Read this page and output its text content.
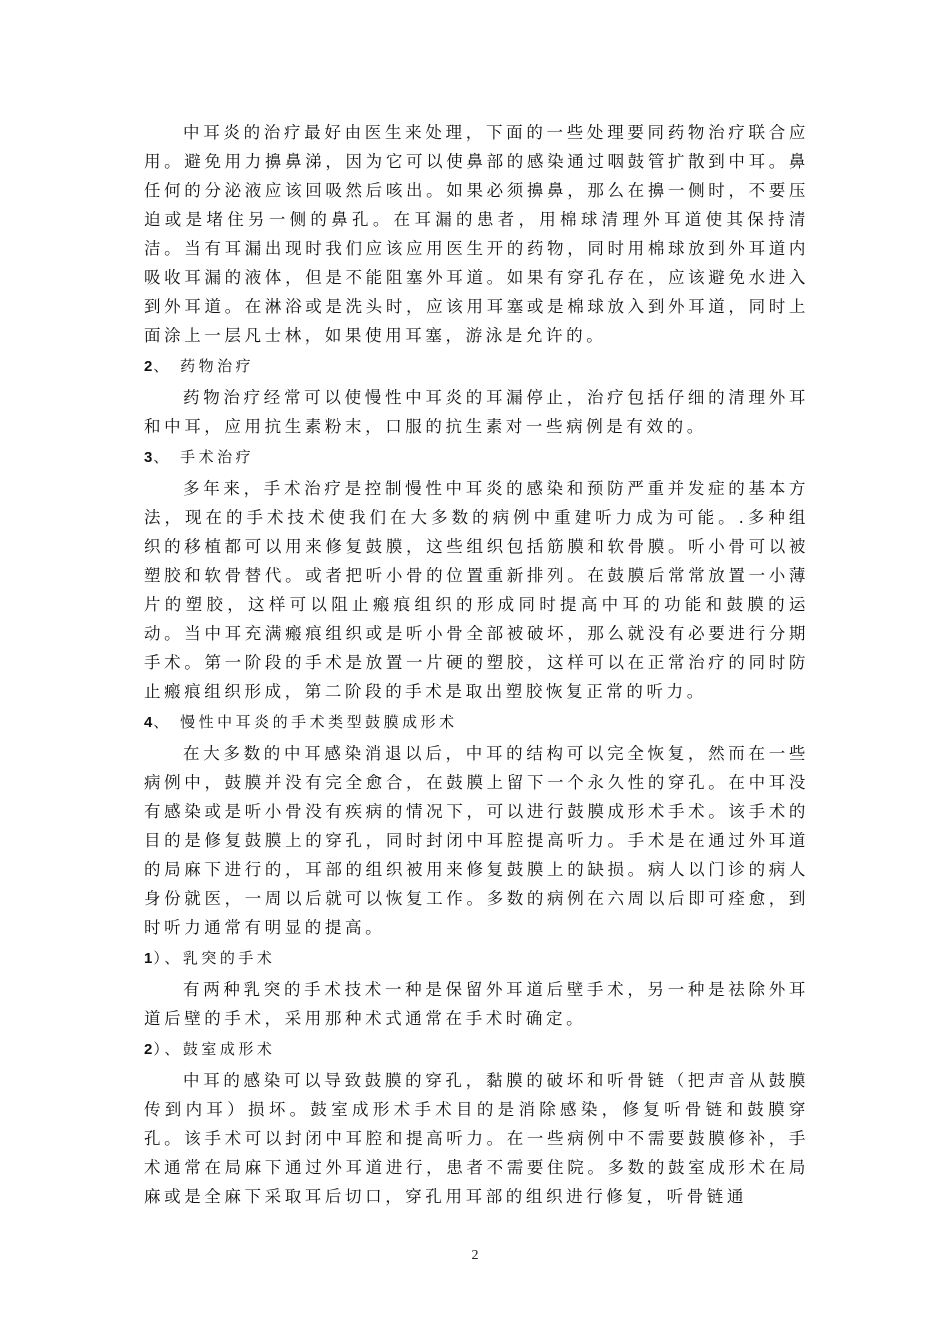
中耳炎的治疗最好由医生来处理，下面的一些处理要同药物治疗联合应用。避免用力擤鼻涕，因为它可以使鼻部的感染通过咽鼓管扩散到中耳。鼻任何的分泌液应该回吸然后咳出。如果必须擤鼻，那么在擤一侧时，不要压迫或是堵住另一侧的鼻孔。在耳漏的患者，用棉球清理外耳道使其保持清洁。当有耳漏出现时我们应该应用医生开的药物，同时用棉球放到外耳道内吸收耳漏的液体，但是不能阻塞外耳道。如果有穿孔存在，应该避免水进入到外耳道。在淋浴或是洗头时，应该用耳塞或是棉球放入到外耳道，同时上面涂上一层凡士林，如果使用耳塞，游泳是允许的。

2、 药物治疗

药物治疗经常可以使慢性中耳炎的耳漏停止，治疗包括仔细的清理外耳和中耳，应用抗生素粉末，口服的抗生素对一些病例是有效的。

3、 手术治疗

多年来，手术治疗是控制慢性中耳炎的感染和预防严重并发症的基本方法，现在的手术技术使我们在大多数的病例中重建听力成为可能。.多种组织的移植都可以用来修复鼓膜，这些组织包括筋膜和软骨膜。听小骨可以被塑胶和软骨替代。或者把听小骨的位置重新排列。在鼓膜后常常放置一小薄片的塑胶，这样可以阻止瘢痕组织的形成同时提高中耳的功能和鼓膜的运动。当中耳充满瘢痕组织或是听小骨全部被破坏，那么就没有必要进行分期手术。第一阶段的手术是放置一片硬的塑胶，这样可以在正常治疗的同时防止瘢痕组织形成，第二阶段的手术是取出塑胶恢复正常的听力。

4、 慢性中耳炎的手术类型鼓膜成形术

在大多数的中耳感染消退以后，中耳的结构可以完全恢复，然而在一些病例中，鼓膜并没有完全愈合，在鼓膜上留下一个永久性的穿孔。在中耳没有感染或是听小骨没有疾病的情况下，可以进行鼓膜成形术手术。该手术的目的是修复鼓膜上的穿孔，同时封闭中耳腔提高听力。手术是在通过外耳道的局麻下进行的，耳部的组织被用来修复鼓膜上的缺损。病人以门诊的病人身份就医，一周以后就可以恢复工作。多数的病例在六周以后即可痊愈，到时听力通常有明显的提高。

1）、乳突的手术

有两种乳突的手术技术一种是保留外耳道后壁手术，另一种是祛除外耳道后壁的手术，采用那种术式通常在手术时确定。

2）、鼓室成形术

中耳的感染可以导致鼓膜的穿孔，黏膜的破坏和听骨链（把声音从鼓膜传到内耳）损坏。鼓室成形术手术目的是消除感染，修复听骨链和鼓膜穿孔。该手术可以封闭中耳腔和提高听力。在一些病例中不需要鼓膜修补，手术通常在局麻下通过外耳道进行，患者不需要住院。多数的鼓室成形术在局麻或是全麻下采取耳后切口，穿孔用耳部的组织进行修复，听骨链通

2
